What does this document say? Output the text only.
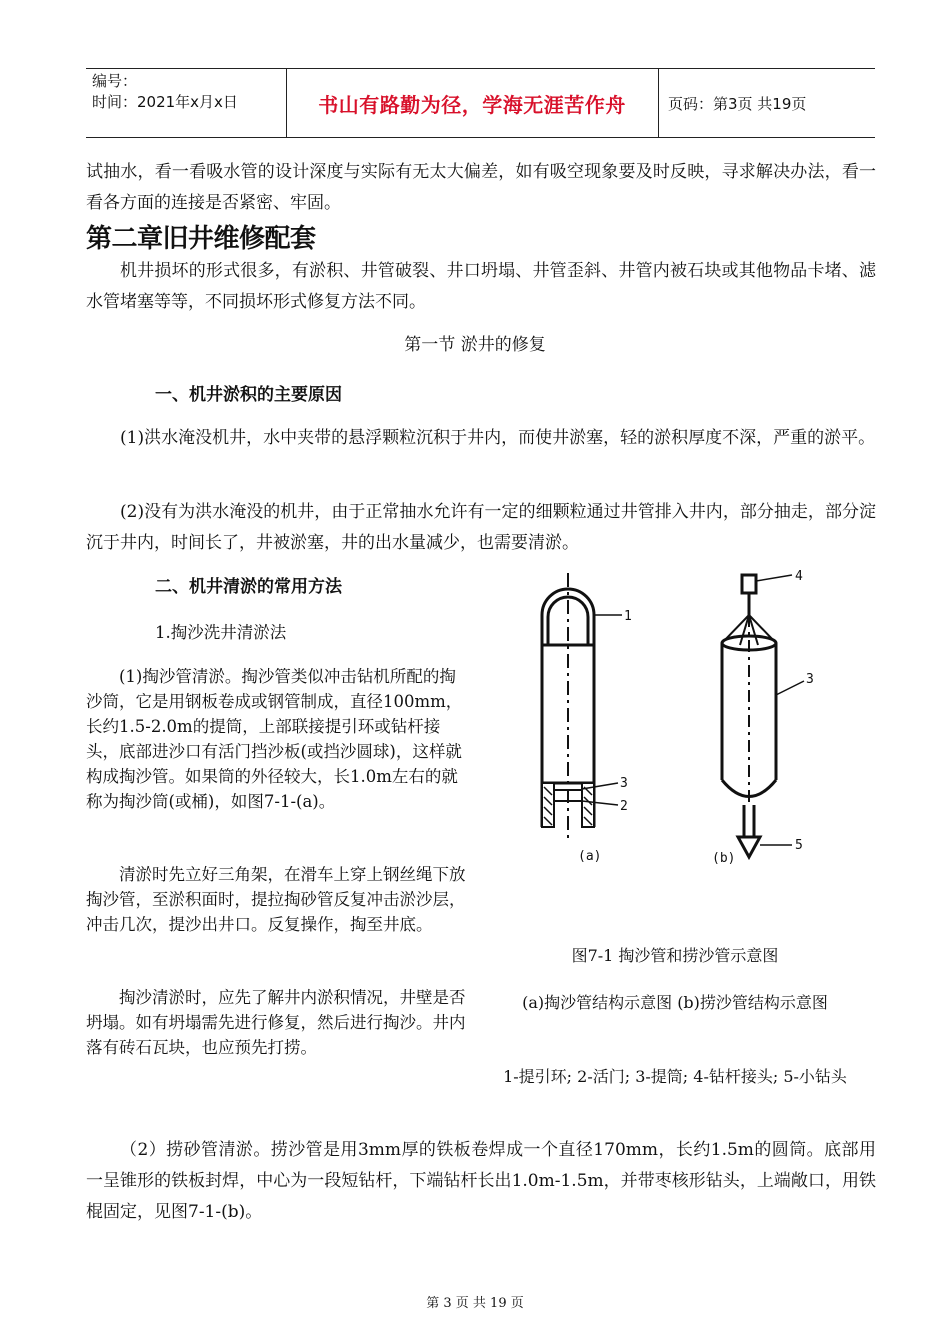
编号：
时间：2021年x月x日	书山有路勤为径，学海无涯苦作舟	页码：第3页 共19页
试抽水，看一看吸水管的设计深度与实际有无太大偏差，如有吸空现象要及时反映，寻求解决办法，看一看各方面的连接是否紧密、牢固。
第二章旧井维修配套
机井损坏的形式很多，有淤积、井管破裂、井口坍塌、井管歪斜、井管内被石块或其他物品卡堵、滤水管堵塞等等，不同损坏形式修复方法不同。
第一节 淤井的修复
一、机井淤积的主要原因
(1)洪水淹没机井，水中夹带的悬浮颗粒沉积于井内，而使井淤塞，轻的淤积厚度不深，严重的淤平。
(2)没有为洪水淹没的机井，由于正常抽水允许有一定的细颗粒通过井管排入井内，部分抽走，部分淀沉于井内，时间长了，井被淤塞，井的出水量减少，也需要清淤。
二、机井清淤的常用方法
1.掏沙洗井清淤法
(1)掏沙管清淤。掏沙管类似冲击钻机所配的掏沙筒，它是用钢板卷成或钢管制成，直径100mm，长约1.5-2.0m的提筒，上部联接提引环或钻杆接头，底部进沙口有活门挡沙板(或挡沙圆球)，这样就构成掏沙管。如果筒的外径较大，长1.0m左右的就称为掏沙筒(或桶)，如图7-1-(a)。
清淤时先立好三角架，在滑车上穿上钢丝绳下放掏沙管，至淤积面时，提拉掏砂管反复冲击淤沙层，冲击几次，提沙出井口。反复操作，掏至井底。
掏沙清淤时，应先了解井内淤积情况，井壁是否坍塌。如有坍塌需先进行修复，然后进行掏沙。井内落有砖石瓦块，也应预先打捞。
1
3
2
(a)
4
3
5
(b)
图7-1 掏沙管和捞沙管示意图
(a)掏沙管结构示意图 (b)捞沙管结构示意图
1-提引环; 2-活门; 3-提筒; 4-钻杆接头; 5-小钻头
（2）捞砂管清淤。捞沙管是用3mm厚的铁板卷焊成一个直径170mm，长约1.5m的圆筒。底部用一呈锥形的铁板封焊，中心为一段短钻杆，下端钻杆长出1.0m-1.5m，并带枣核形钻头，上端敞口，用铁棍固定，见图7-1-(b)。
第 3 页 共 19 页
